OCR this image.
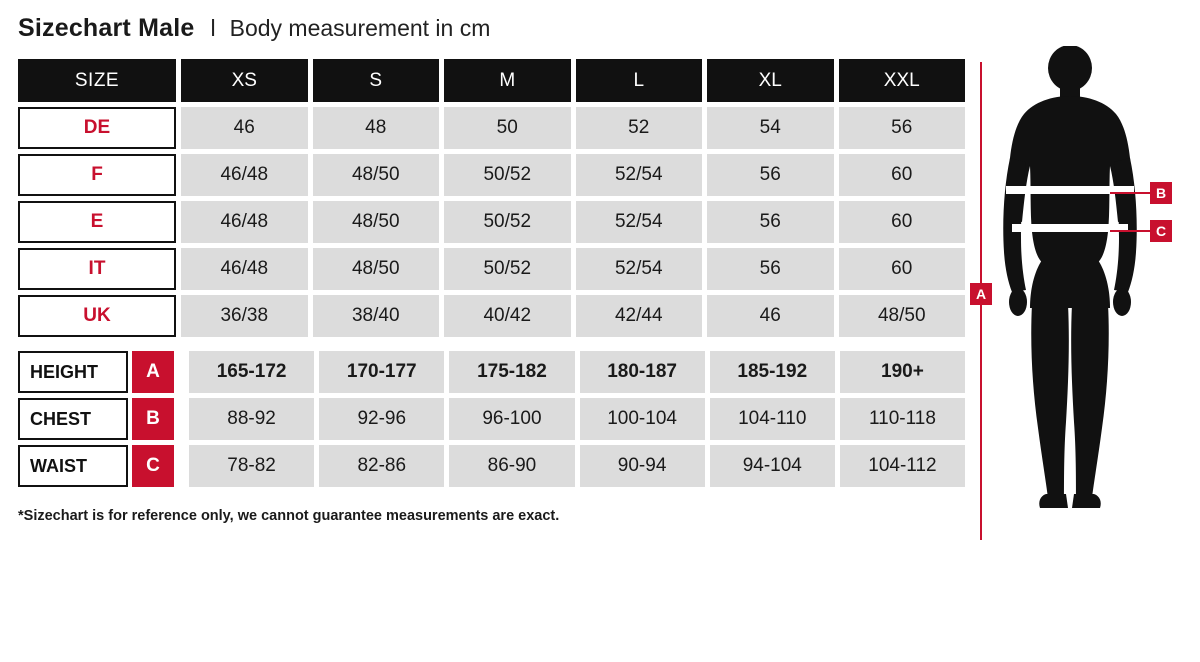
Sizechart Male l Body measurement in cm
SIZE	XS	S	M	L	XL	XXL
DE	46	48	50	52	54	56
F	46/48	48/50	50/52	52/54	56	60
E	46/48	48/50	50/52	52/54	56	60
IT	46/48	48/50	50/52	52/54	56	60
UK	36/38	38/40	40/42	42/44	46	48/50
HEIGHT	A	165-172	170-177	175-182	180-187	185-192	190+
CHEST	B	88-92	92-96	96-100	100-104	104-110	110-118
WAIST	C	78-82	82-86	86-90	90-94	94-104	104-112
*Sizechart is for reference only, we cannot guarantee measurements are exact.
A
B
C
